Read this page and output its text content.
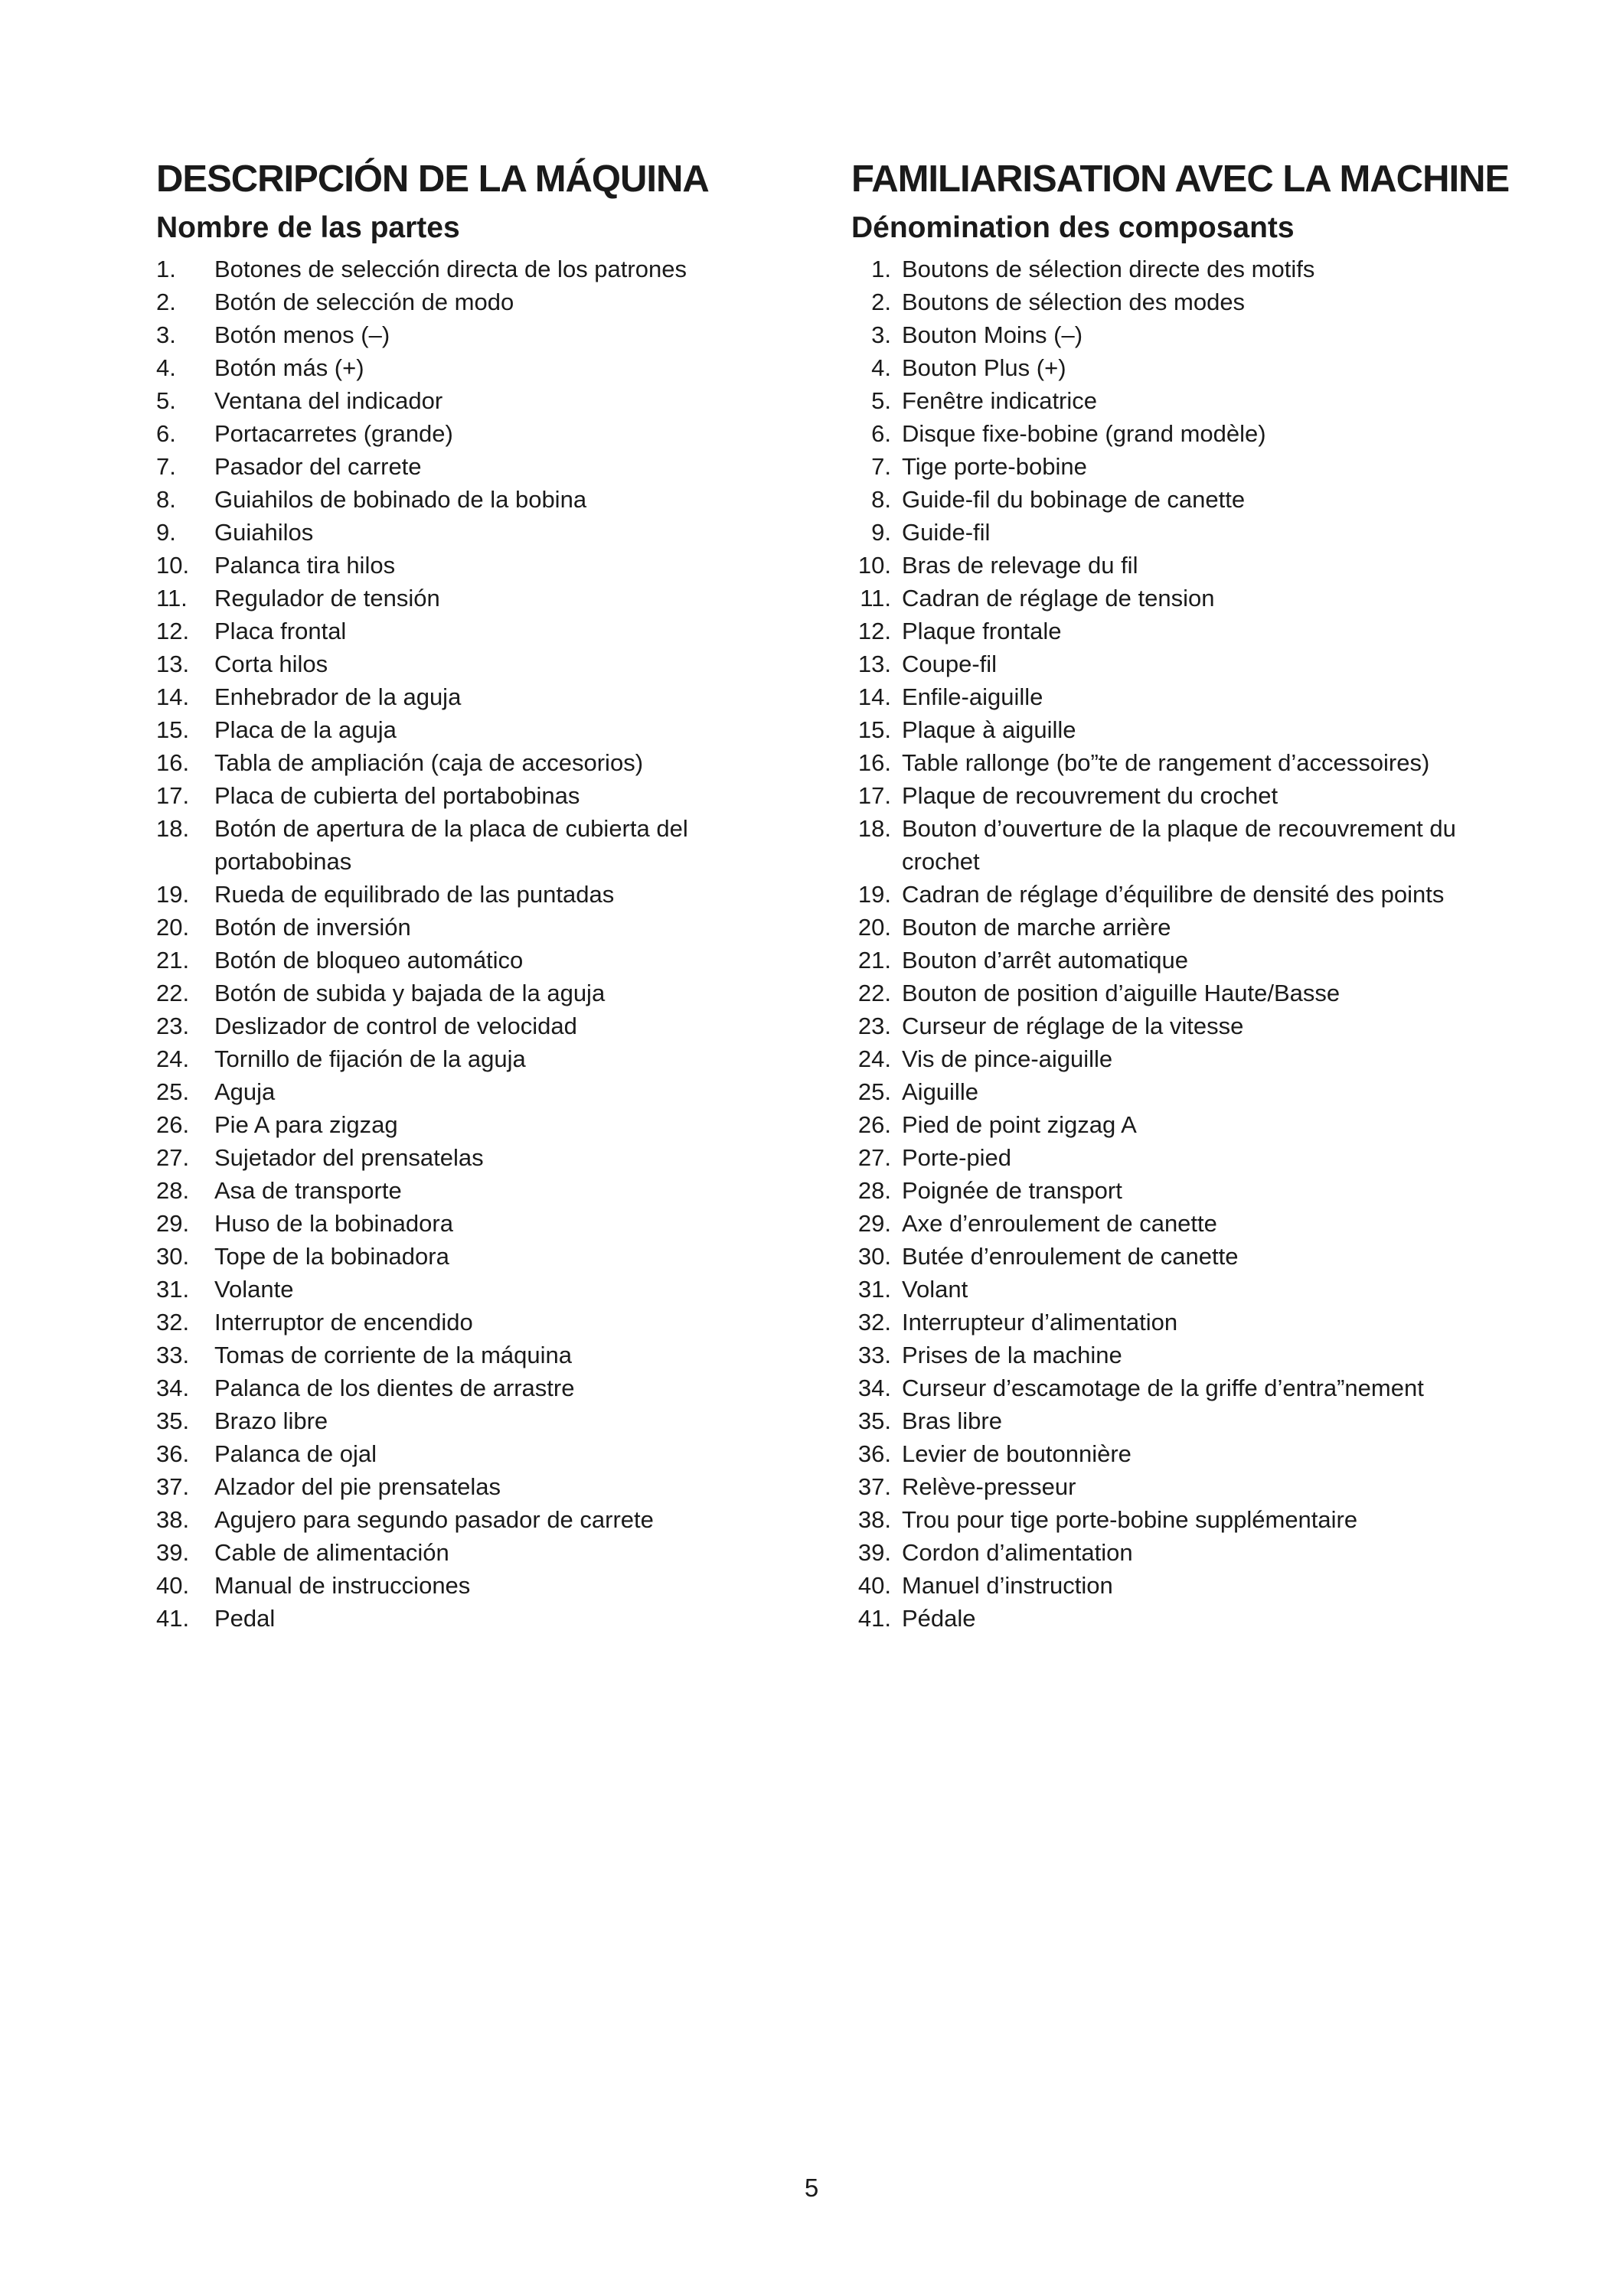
DESCRIPCIÓN DE LA MÁQUINA
Nombre de las partes
1.	Botones de selección directa de los patrones
2.	Botón de selección de modo
3.	Botón menos (–)
4.	Botón más (+)
5.	Ventana del indicador
6.	Portacarretes (grande)
7.	Pasador del carrete
8.	Guiahilos de bobinado de la bobina
9.	Guiahilos
10.	Palanca tira hilos
11.	Regulador de tensión
12.	Placa frontal
13.	Corta hilos
14.	Enhebrador de la aguja
15.	Placa de la aguja
16.	Tabla de ampliación (caja de accesorios)
17.	Placa de cubierta del portabobinas
18.	Botón de apertura de la placa de cubierta del portabobinas
19.	Rueda de equilibrado de las puntadas
20.	Botón de inversión
21.	Botón de bloqueo automático
22.	Botón de subida y bajada de la aguja
23.	Deslizador de control de velocidad
24.	Tornillo de fijación de la aguja
25.	Aguja
26.	Pie A para zigzag
27.	Sujetador del prensatelas
28.	Asa de transporte
29.	Huso de la bobinadora
30.	Tope de la bobinadora
31.	Volante
32.	Interruptor de encendido
33.	Tomas de corriente de la máquina
34.	Palanca de los dientes de arrastre
35.	Brazo libre
36.	Palanca de ojal
37.	Alzador del pie prensatelas
38.	Agujero para segundo pasador de carrete
39.	Cable de alimentación
40.	Manual de instrucciones
41.	Pedal
FAMILIARISATION AVEC LA MACHINE
Dénomination des composants
1. Boutons de sélection directe des motifs
2. Boutons de sélection des modes
3. Bouton Moins (–)
4. Bouton Plus (+)
5. Fenêtre indicatrice
6. Disque fixe-bobine (grand modèle)
7. Tige porte-bobine
8. Guide-fil du bobinage de canette
9. Guide-fil
10. Bras de relevage du fil
11. Cadran de réglage de tension
12. Plaque frontale
13. Coupe-fil
14. Enfile-aiguille
15. Plaque à aiguille
16. Table rallonge (bo”te de rangement d’accessoires)
17. Plaque de recouvrement du crochet
18. Bouton d’ouverture de la plaque de recouvrement du crochet
19. Cadran de réglage d’équilibre de densité des points
20. Bouton de marche arrière
21. Bouton d’arrêt automatique
22. Bouton de position d’aiguille Haute/Basse
23. Curseur de réglage de la vitesse
24. Vis de pince-aiguille
25. Aiguille
26. Pied de point zigzag A
27. Porte-pied
28. Poignée de transport
29. Axe d’enroulement de canette
30. Butée d’enroulement de canette
31. Volant
32. Interrupteur d’alimentation
33. Prises de la machine
34. Curseur d’escamotage de la griffe d’entra”nement
35. Bras libre
36. Levier de boutonnière
37. Relève-presseur
38. Trou pour tige porte-bobine supplémentaire
39. Cordon d’alimentation
40. Manuel d’instruction
41. Pédale

5
